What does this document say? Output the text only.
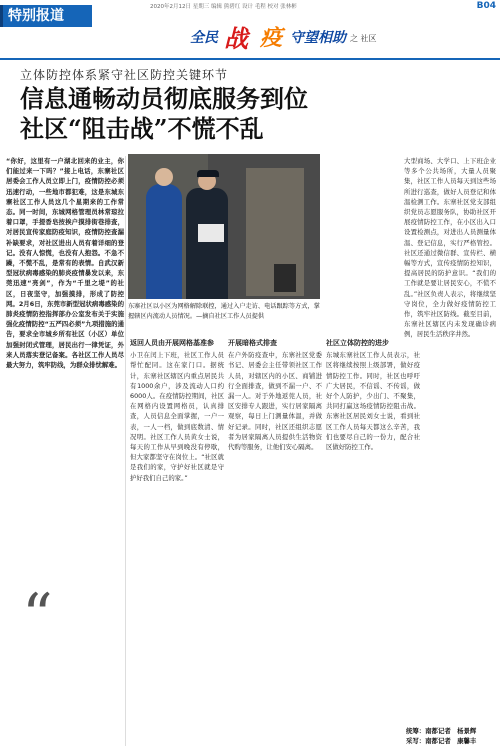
特别报道
2020年2月12日 星期三 编辑 熊碧红 设计 毛程 校对 张林彬	B04
全民 战 疫 守望相助 之 社区
立体防控体系紧守社区防控关键环节
信息通畅动员彻底服务到位
社区“阻击战”不慌不乱
“你好，这里有一户湖北回来的业主，你们能过来一下吗？”接上电话，东寨社区居委会工作人员立即上门，疫情防控必须迅速行动，一些地市都犯难，这是东城东寨社区工作人员这几个星期来的工作常态。同一时间，东城网格管理员林常琼拉着口罩，手提香皂按挨户摸排街巷排查，对居民宣传家庭防疫知识，疫情防控查漏补缺要求，对社区进出人员有着详细的登记。没有人惊慌，也没有人抱怨。不急不躁，不慌不乱，是常有的表情。自武汉新型冠状病毒感染的肺炎疫情暴发以来，东莞迅速“亮剑”，作为“千里之堤”的社区，日夜坚守，加强摸排，形成了防控网。2月6日，东莞市新型冠状病毒感染的肺炎疫情防控指挥部办公室发布关于实施强化疫情防控“五严四必须”九项措施的通告，要求全市城乡所有社区（小区）单位加强封闭式管理，居民出行一律凭证，外来人员落实登记备案。各社区工作人员尽最大努力，筑牢防线，为群众排忧解难。
“
东寨社区以小区为网格解除联控，通过入户走访、电话跟踪等方式，掌握辖区内流动人员情况。—摘自社区工作人员提供
返回人员由开展网格基准参
小卫在闰上下班，社区工作人员帮忙配同。这在家门口。据统计，东寨社区辖区内重点居民共有1000余户，涉及流动人口约6000人。在疫情防控期间，社区在网格内设置网格员，认真排查，人员信息全面掌握，一户一表，一人一档，做到底数清、情况明。社区工作人员黄女士说，每天的工作从早到晚没有停歇，但大家都坚守在岗位上。“社区就是我们的家，守护好社区就是守护好我们自己的家。”
开展暗格式排查
在户外防疫查中，东寨社区党委书记、居委会主任带领社区工作人员，对辖区内的小区、商铺进行全面排查，做到不漏一户、不漏一人。对于外地返莞人员，社区安排专人跟进，实行居家隔离观察，每日上门测量体温，并做好记录。同时，社区还组织志愿者为居家隔离人员提供生活物资代购等服务，让他们安心隔离。
社区立体防控的进步
东城东寨社区工作人员表示，社区将继续按照上级部署，做好疫情防控工作。同时，社区也呼吁广大居民，不信谣、不传谣，做好个人防护，少出门、不聚集，共同打赢这场疫情防控阻击战。东寨社区居民刘女士说，看到社区工作人员每天都这么辛苦，我们也要尽自己的一份力，配合社区做好防控工作。
大型商场、大学口、上下班企业等多个公共场所，大量人员聚集，社区工作人员每天到这些场所进行巡查，做好人员登记和体温检测工作。东寨社区党支部组织党员志愿服务队，协助社区开展疫情防控工作，在小区出入口设置检测点，对进出人员测量体温、登记信息，实行严格管控。社区还通过微信群、宣传栏、横幅等方式，宣传疫情防控知识，提高居民的防护意识。“我们的工作就是要让居民安心，不慌不乱。”社区负责人表示，将继续坚守岗位，全力做好疫情防控工作，筑牢社区防线。截至目前，东寨社区辖区内未发现确诊病例，居民生活秩序井然。
统筹：南都记者　杨景辉
采写：南都记者　康馨丰
